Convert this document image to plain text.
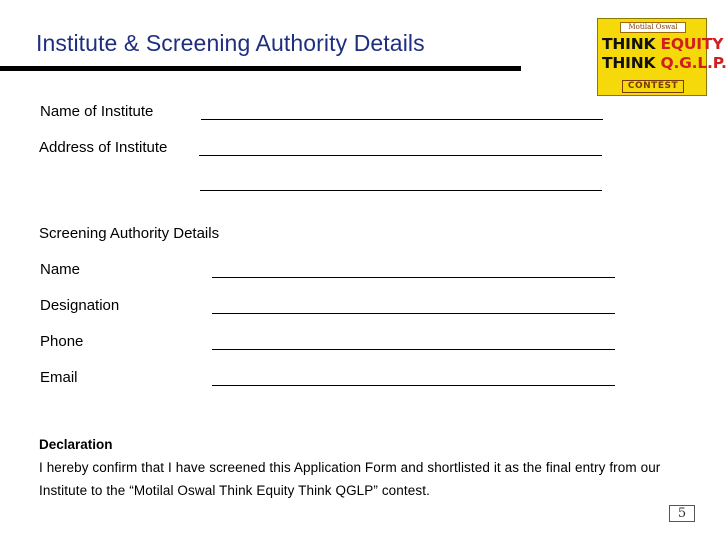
Institute & Screening Authority Details
Motilal Oswal
THINK EQUITY
THINK Q.G.L.P.
CONTEST
Name of Institute
Address of Institute
Screening Authority Details
Name
Designation
Phone
Email
Declaration
I hereby confirm that I have screened this Application Form and shortlisted it as the final entry from our Institute to the “Motilal Oswal Think Equity Think QGLP” contest.
5
